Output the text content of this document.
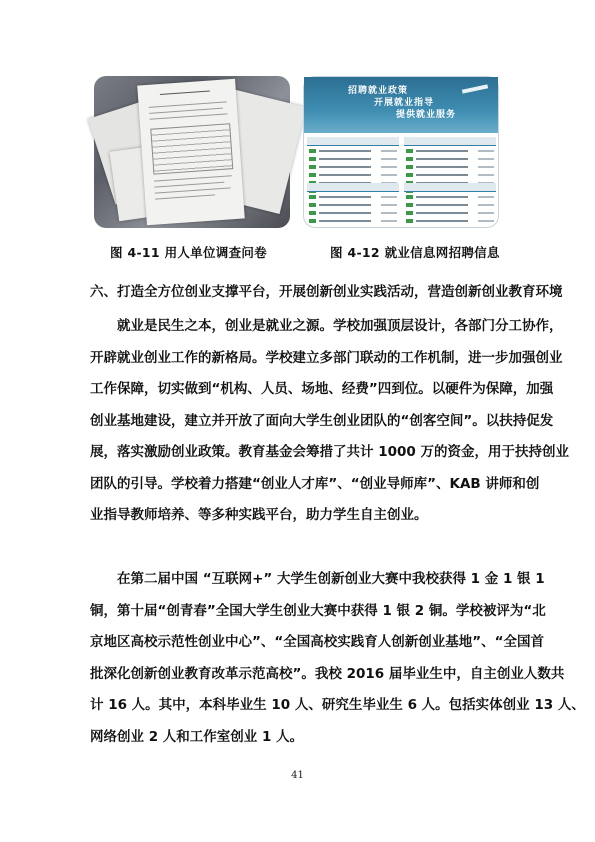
招聘就业政策
开展就业指导
提供就业服务
图 4-11 用人单位调查问卷	图 4-12 就业信息网招聘信息
六、打造全方位创业支撑平台，开展创新创业实践活动，营造创新创业教育环境
　　就业是民生之本，创业是就业之源。学校加强顶层设计，各部门分工协作，
开辟就业创业工作的新格局。学校建立多部门联动的工作机制，进一步加强创业
工作保障，切实做到“机构、人员、场地、经费”四到位。以硬件为保障，加强
创业基地建设，建立并开放了面向大学生创业团队的“创客空间”。以扶持促发
展，落实激励创业政策。教育基金会筹措了共计 1000 万的资金，用于扶持创业
团队的引导。学校着力搭建“创业人才库”、“创业导师库”、KAB 讲师和创
业指导教师培养、等多种实践平台，助力学生自主创业。
　　在第二届中国 “互联网+” 大学生创新创业大赛中我校获得 1 金 1 银 1
铜，第十届“创青春”全国大学生创业大赛中获得 1 银 2 铜。学校被评为“北
京地区高校示范性创业中心”、“全国高校实践育人创新创业基地”、“全国首
批深化创新创业教育改革示范高校”。我校 2016 届毕业生中，自主创业人数共
计 16 人。其中，本科毕业生 10 人、研究生毕业生 6 人。包括实体创业 13 人、
网络创业 2 人和工作室创业 1 人。
41
